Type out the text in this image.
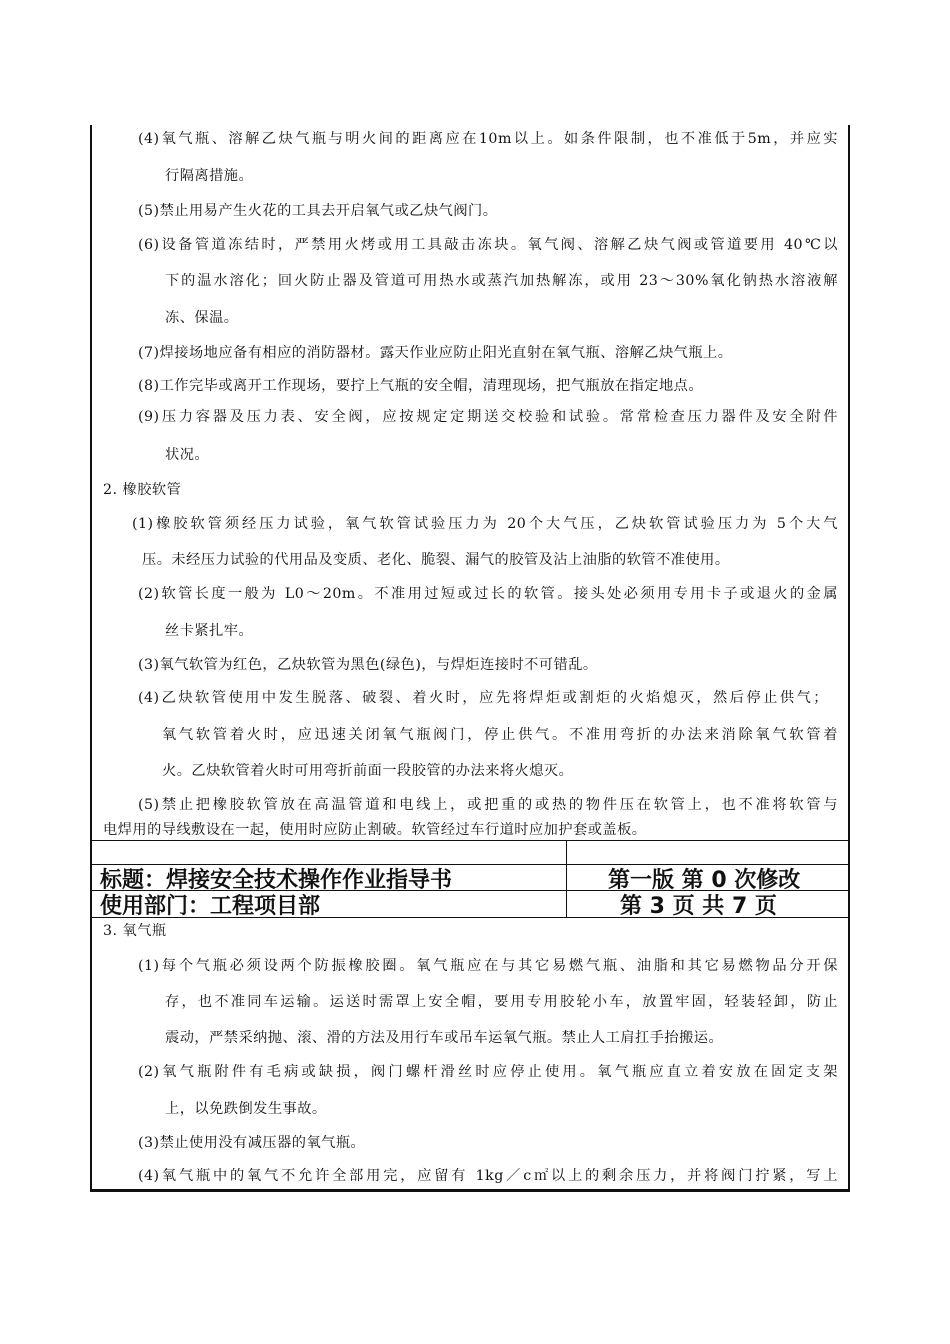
(4)氧气瓶、溶解乙炔气瓶与明火间的距离应在10m以上。如条件限制，也不准低于5m，并应实
行隔离措施。
(5)禁止用易产生火花的工具去开启氧气或乙炔气阀门。
(6)设备管道冻结时，严禁用火烤或用工具敲击冻块。氧气阀、溶解乙炔气阀或管道要用 40℃以
下的温水溶化；回火防止器及管道可用热水或蒸汽加热解冻，或用 23～30%氧化钠热水溶液解
冻、保温。
(7)焊接场地应备有相应的消防器材。露天作业应防止阳光直射在氧气瓶、溶解乙炔气瓶上。
(8)工作完毕或离开工作现场，要拧上气瓶的安全帽，清理现场，把气瓶放在指定地点。
(9)压力容器及压力表、安全阀，应按规定定期送交校验和试验。常常检查压力器件及安全附件
状况。
2. 橡胶软管
(1)橡胶软管须经压力试验，氧气软管试验压力为 20个大气压，乙炔软管试验压力为 5个大气
压。未经压力试验的代用品及变质、老化、脆裂、漏气的胶管及沾上油脂的软管不准使用。
(2)软管长度一般为 L0～20m。不准用过短或过长的软管。接头处必须用专用卡子或退火的金属
丝卡紧扎牢。
(3)氧气软管为红色，乙炔软管为黑色(绿色)，与焊炬连接时不可错乱。
(4)乙炔软管使用中发生脱落、破裂、着火时，应先将焊炬或割炬的火焰熄灭，然后停止供气；
氧气软管着火时，应迅速关闭氧气瓶阀门，停止供气。不准用弯折的办法来消除氧气软管着
火。乙炔软管着火时可用弯折前面一段胶管的办法来将火熄灭。
(5)禁止把橡胶软管放在高温管道和电线上，或把重的或热的物件压在软管上，也不准将软管与
电焊用的导线敷设在一起，使用时应防止割破。软管经过车行道时应加护套或盖板。
标题：焊接安全技术操作作业指导书	第一版 第 0 次修改
使用部门：工程项目部	第 3 页 共 7 页
3. 氧气瓶
(1)每个气瓶必须设两个防振橡胶圈。氧气瓶应在与其它易燃气瓶、油脂和其它易燃物品分开保
存，也不准同车运输。运送时需罩上安全帽，要用专用胶轮小车，放置牢固，轻装轻卸，防止
震动，严禁采纳抛、滚、滑的方法及用行车或吊车运氧气瓶。禁止人工肩扛手抬搬运。
(2)氧气瓶附件有毛病或缺损，阀门螺杆滑丝时应停止使用。氧气瓶应直立着安放在固定支架
上，以免跌倒发生事故。
(3)禁止使用没有减压器的氧气瓶。
(4)氧气瓶中的氧气不允许全部用完，应留有 1kg／c㎡以上的剩余压力，并将阀门拧紧，写上
